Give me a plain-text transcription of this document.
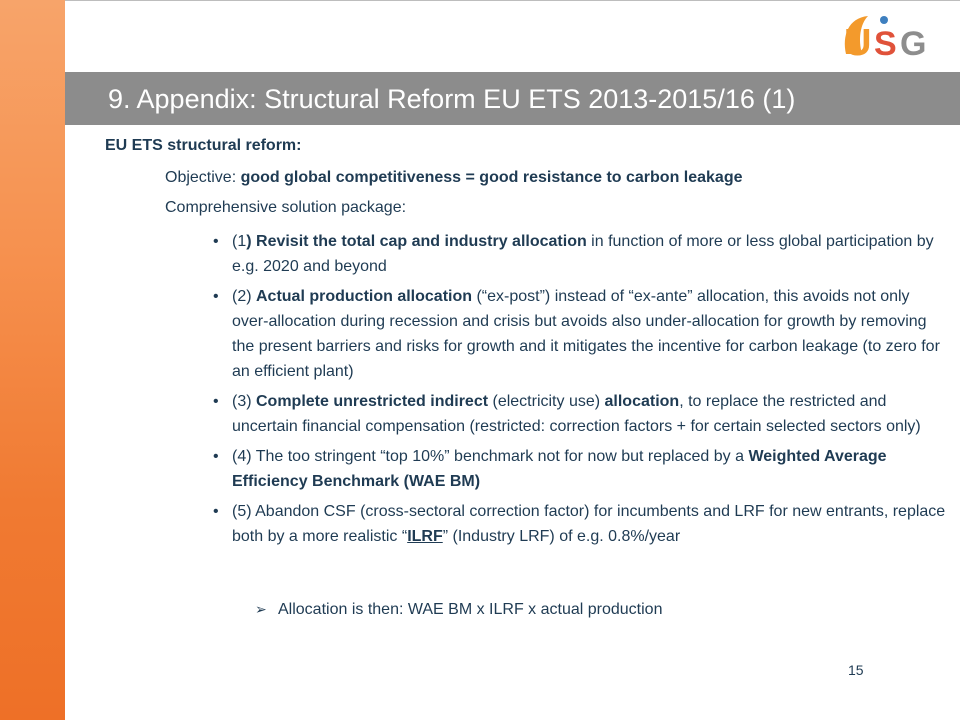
U S G
9. Appendix: Structural Reform EU ETS 2013-2015/16 (1)
EU ETS structural reform:
Objective: good global competitiveness = good resistance to carbon leakage
Comprehensive solution package:
• (1) Revisit the total cap and industry allocation in function of more or less global participation by e.g. 2020 and beyond
• (2) Actual production allocation (“ex-post”) instead of “ex-ante” allocation, this avoids not only over-allocation during recession and crisis but avoids also under-allocation for growth by removing the present barriers and risks for growth and it mitigates the incentive for carbon leakage (to zero for an efficient plant)
• (3) Complete unrestricted indirect (electricity use) allocation, to replace the restricted and uncertain financial compensation (restricted: correction factors + for certain selected sectors only)
• (4) The too stringent “top 10%” benchmark not for now but replaced by a Weighted Average Efficiency Benchmark (WAE BM)
• (5) Abandon CSF (cross-sectoral correction factor) for incumbents and LRF for new entrants, replace both by a more realistic “ILRF” (Industry LRF) of e.g. 0.8%/year
➢ Allocation is then: WAE BM x ILRF x actual production
15
